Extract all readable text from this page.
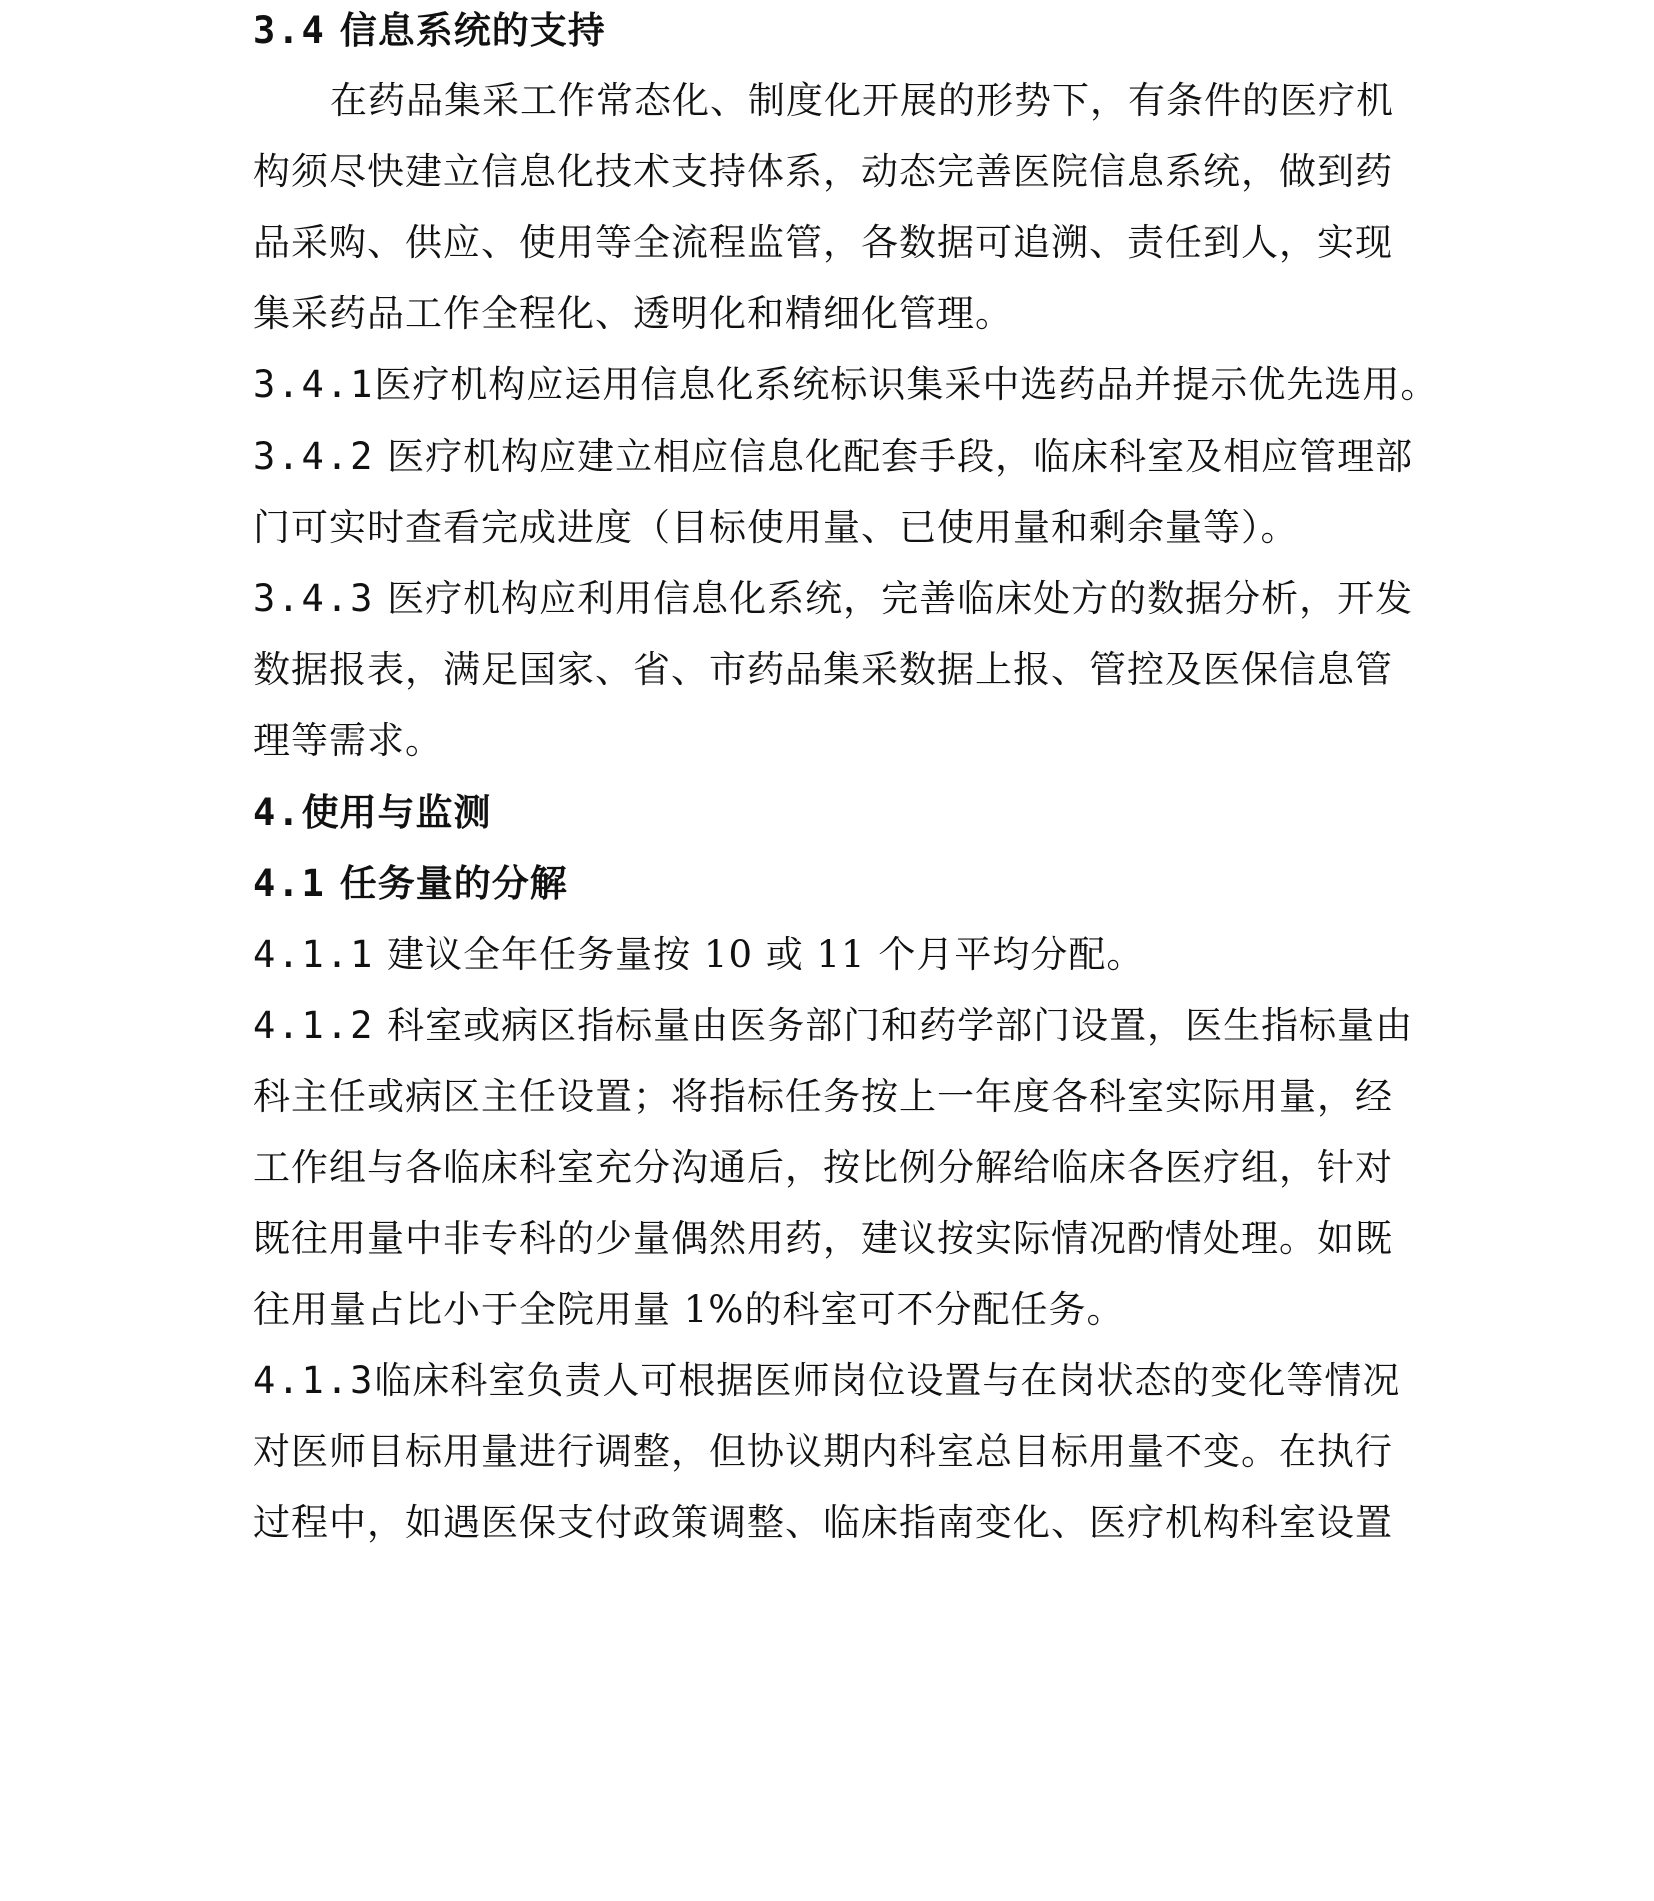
3.4 信息系统的支持
在药品集采工作常态化、制度化开展的形势下，有条件的医疗机
构须尽快建立信息化技术支持体系，动态完善医院信息系统，做到药
品采购、供应、使用等全流程监管，各数据可追溯、责任到人，实现
集采药品工作全程化、透明化和精细化管理。
3.4.1医疗机构应运用信息化系统标识集采中选药品并提示优先选用。
3.4.2 医疗机构应建立相应信息化配套手段，临床科室及相应管理部
门可实时查看完成进度（目标使用量、已使用量和剩余量等）。
3.4.3 医疗机构应利用信息化系统，完善临床处方的数据分析，开发
数据报表，满足国家、省、市药品集采数据上报、管控及医保信息管
理等需求。
4.使用与监测
4.1 任务量的分解
4.1.1 建议全年任务量按 10 或 11 个月平均分配。
4.1.2 科室或病区指标量由医务部门和药学部门设置，医生指标量由
科主任或病区主任设置；将指标任务按上一年度各科室实际用量，经
工作组与各临床科室充分沟通后，按比例分解给临床各医疗组，针对
既往用量中非专科的少量偶然用药，建议按实际情况酌情处理。如既
往用量占比小于全院用量 1%的科室可不分配任务。
4.1.3临床科室负责人可根据医师岗位设置与在岗状态的变化等情况
对医师目标用量进行调整，但协议期内科室总目标用量不变。在执行
过程中，如遇医保支付政策调整、临床指南变化、医疗机构科室设置
